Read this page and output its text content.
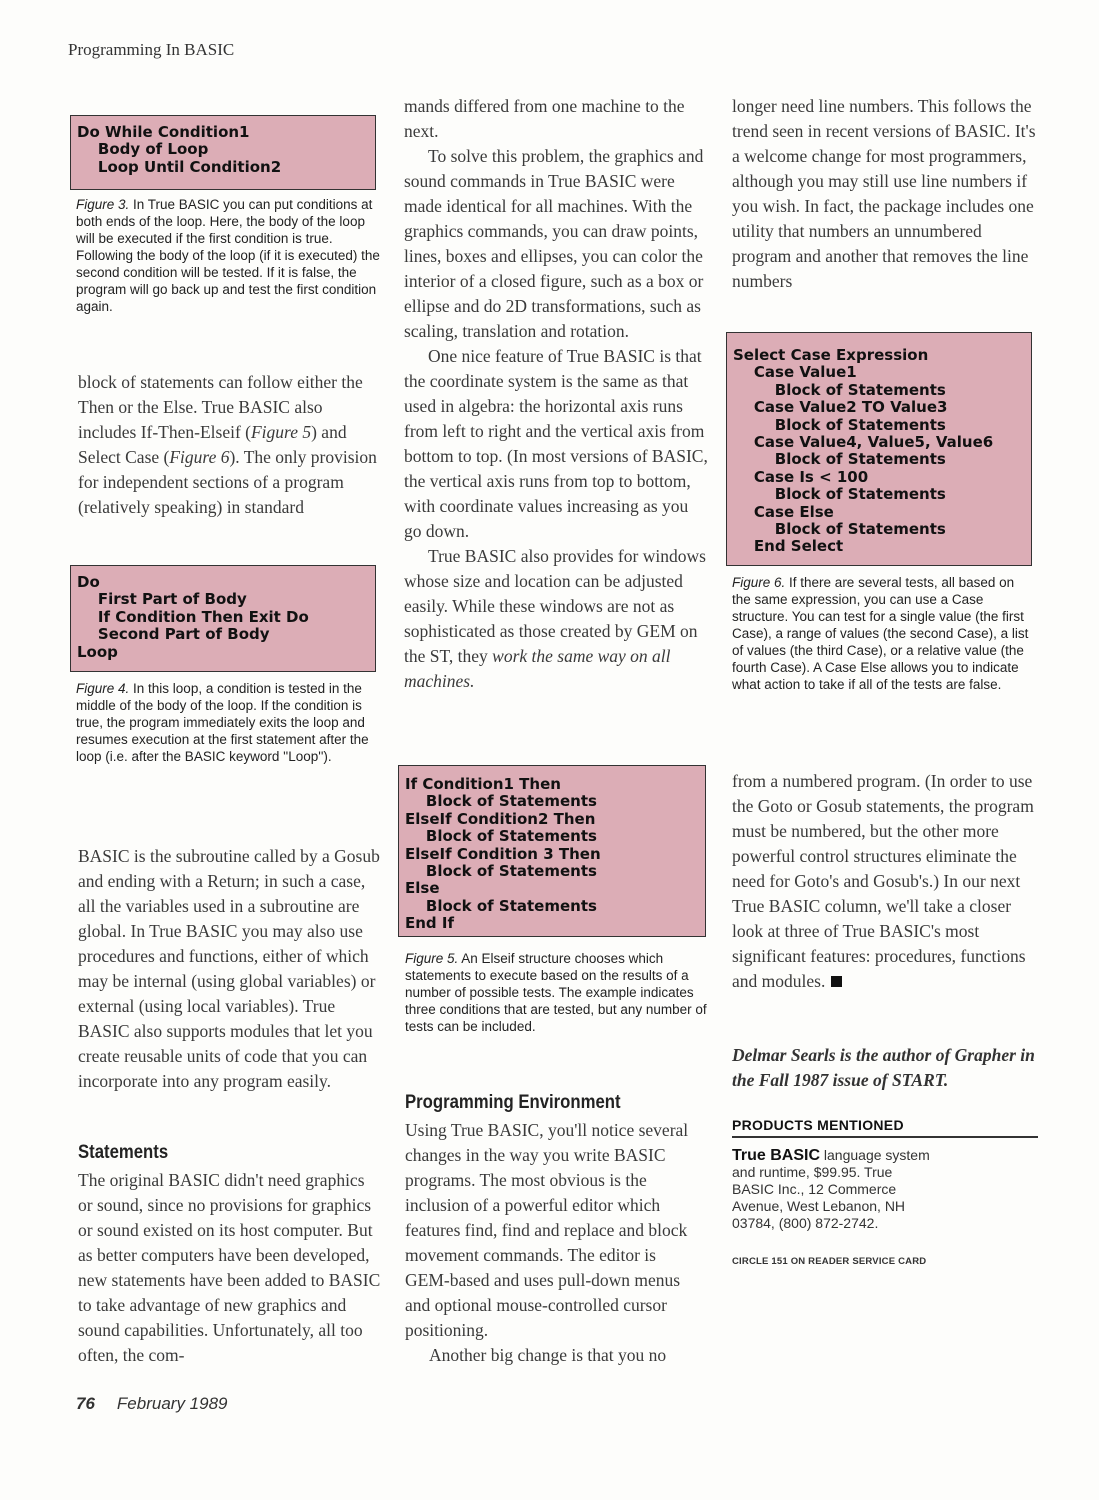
Programming In BASIC
Do While Condition1
Body of Loop
Loop Until Condition2
Figure 3. In True BASIC you can put conditions at both ends of the loop. Here, the body of the loop will be executed if the first condition is true. Following the body of the loop (if it is executed) the second condition will be tested. If it is false, the program will go back up and test the first condition again.

block of statements can follow either the Then or the Else. True BASIC also includes If-Then-Elseif (Figure 5) and Select Case (Figure 6). The only provision for independent sections of a program (relatively speaking) in standard

Do
First Part of Body
If Condition Then Exit Do
Second Part of Body
Loop
Figure 4. In this loop, a condition is tested in the middle of the body of the loop. If the condition is true, the program immediately exits the loop and resumes execution at the first statement after the loop (i.e. after the BASIC keyword ''Loop'').

BASIC is the subroutine called by a Gosub and ending with a Return; in such a case, all the variables used in a subroutine are global. In True BASIC you may also use procedures and functions, either of which may be internal (using global variables) or external (using local variables). True BASIC also supports modules that let you create reusable units of code that you can incorporate into any program easily.

Statements

The original BASIC didn't need graphics or sound, since no provisions for graphics or sound existed on its host computer. But as better computers have been developed, new statements have been added to BASIC to take advantage of new graphics and sound capabilities. Unfortunately, all too often, the com-

mands differed from one machine to the next.

To solve this problem, the graphics and sound commands in True BASIC were made identical for all machines. With the graphics commands, you can draw points, lines, boxes and ellipses, you can color the interior of a closed figure, such as a box or ellipse and do 2D transformations, such as scaling, translation and rotation.

One nice feature of True BASIC is that the coordinate system is the same as that used in algebra: the horizontal axis runs from left to right and the vertical axis from bottom to top. (In most versions of BASIC, the vertical axis runs from top to bottom, with coordinate values increasing as you go down.

True BASIC also provides for windows whose size and location can be adjusted easily. While these windows are not as sophisticated as those created by GEM on the ST, they work the same way on all machines.

If Condition1 Then
Block of Statements
ElseIf Condition2 Then
Block of Statements
ElseIf Condition 3 Then
Block of Statements
Else
Block of Statements
End If
Figure 5. An Elseif structure chooses which statements to execute based on the results of a number of possible tests. The example indicates three conditions that are tested, but any number of tests can be included.
Programming Environment

Using True BASIC, you'll notice several changes in the way you write BASIC programs. The most obvious is the inclusion of a powerful editor which features find, find and replace and block movement commands. The editor is GEM-based and uses pull-down menus and optional mouse-controlled cursor positioning.

Another big change is that you no

longer need line numbers. This follows the trend seen in recent versions of BASIC. It's a welcome change for most programmers, although you may still use line numbers if you wish. In fact, the package includes one utility that numbers an unnumbered program and another that removes the line numbers

Select Case Expression
Case Value1
Block of Statements
Case Value2 TO Value3
Block of Statements
Case Value4, Value5, Value6
Block of Statements
Case Is < 100
Block of Statements
Case Else
Block of Statements
End Select
Figure 6. If there are several tests, all based on the same expression, you can use a Case structure. You can test for a single value (the first Case), a range of values (the second Case), a list of values (the third Case), or a relative value (the fourth Case). A Case Else allows you to indicate what action to take if all of the tests are false.

from a numbered program. (In order to use the Goto or Gosub statements, the program must be numbered, but the other more powerful control structures eliminate the need for Goto's and Gosub's.) In our next True BASIC column, we'll take a closer look at three of True BASIC's most significant features: procedures, functions and modules.

Delmar Searls is the author of Grapher in the Fall 1987 issue of START.
PRODUCTS MENTIONED
True BASIC language system and runtime, $99.95. True BASIC Inc., 12 Commerce Avenue, West Lebanon, NH 03784, (800) 872-2742.
CIRCLE 151 ON READER SERVICE CARD
76 February 1989
